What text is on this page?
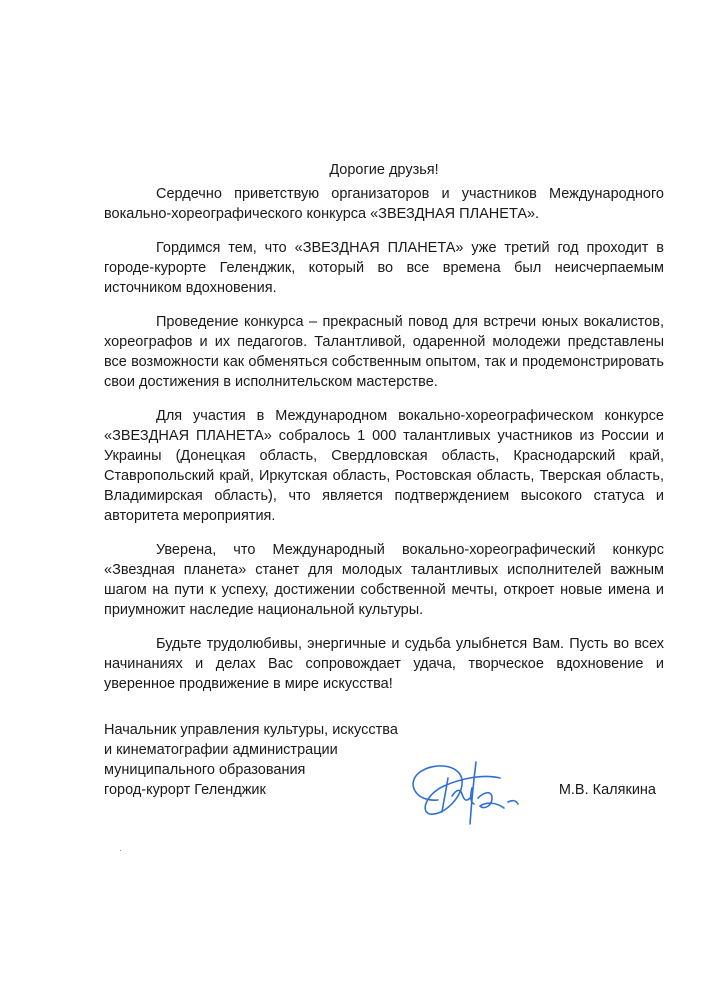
Дорогие друзья!

Сердечно приветствую организаторов и участников Международного вокально-хореографического конкурса «ЗВЕЗДНАЯ ПЛАНЕТА».

Гордимся тем, что «ЗВЕЗДНАЯ ПЛАНЕТА» уже третий год проходит в городе-курорте Геленджик, который во все времена был неисчерпаемым источником вдохновения.

Проведение конкурса – прекрасный повод для встречи юных вокалистов, хореографов и их педагогов. Талантливой, одаренной молодежи представлены все возможности как обменяться собственным опытом, так и продемонстрировать свои достижения в исполнительском мастерстве.

Для участия в Международном вокально-хореографическом конкурсе «ЗВЕЗДНАЯ ПЛАНЕТА» собралось 1 000 талантливых участников из России и Украины (Донецкая область, Свердловская область, Краснодарский край, Ставропольский край, Иркутская область, Ростовская область, Тверская область, Владимирская область), что является подтверждением высокого статуса и авторитета мероприятия.

Уверена, что Международный вокально-хореографический конкурс «Звездная планета» станет для молодых талантливых исполнителей важным шагом на пути к успеху, достижении собственной мечты, откроет новые имена и приумножит наследие национальной культуры.

Будьте трудолюбивы, энергичные и судьба улыбнется Вам. Пусть во всех начинаниях и делах Вас сопровождает удача, творческое вдохновение и уверенное продвижение в мире искусства!

Начальник управления культуры, искусства
и кинематографии администрации
муниципального образования
город-курорт Геленджик	М.В. Калякина
